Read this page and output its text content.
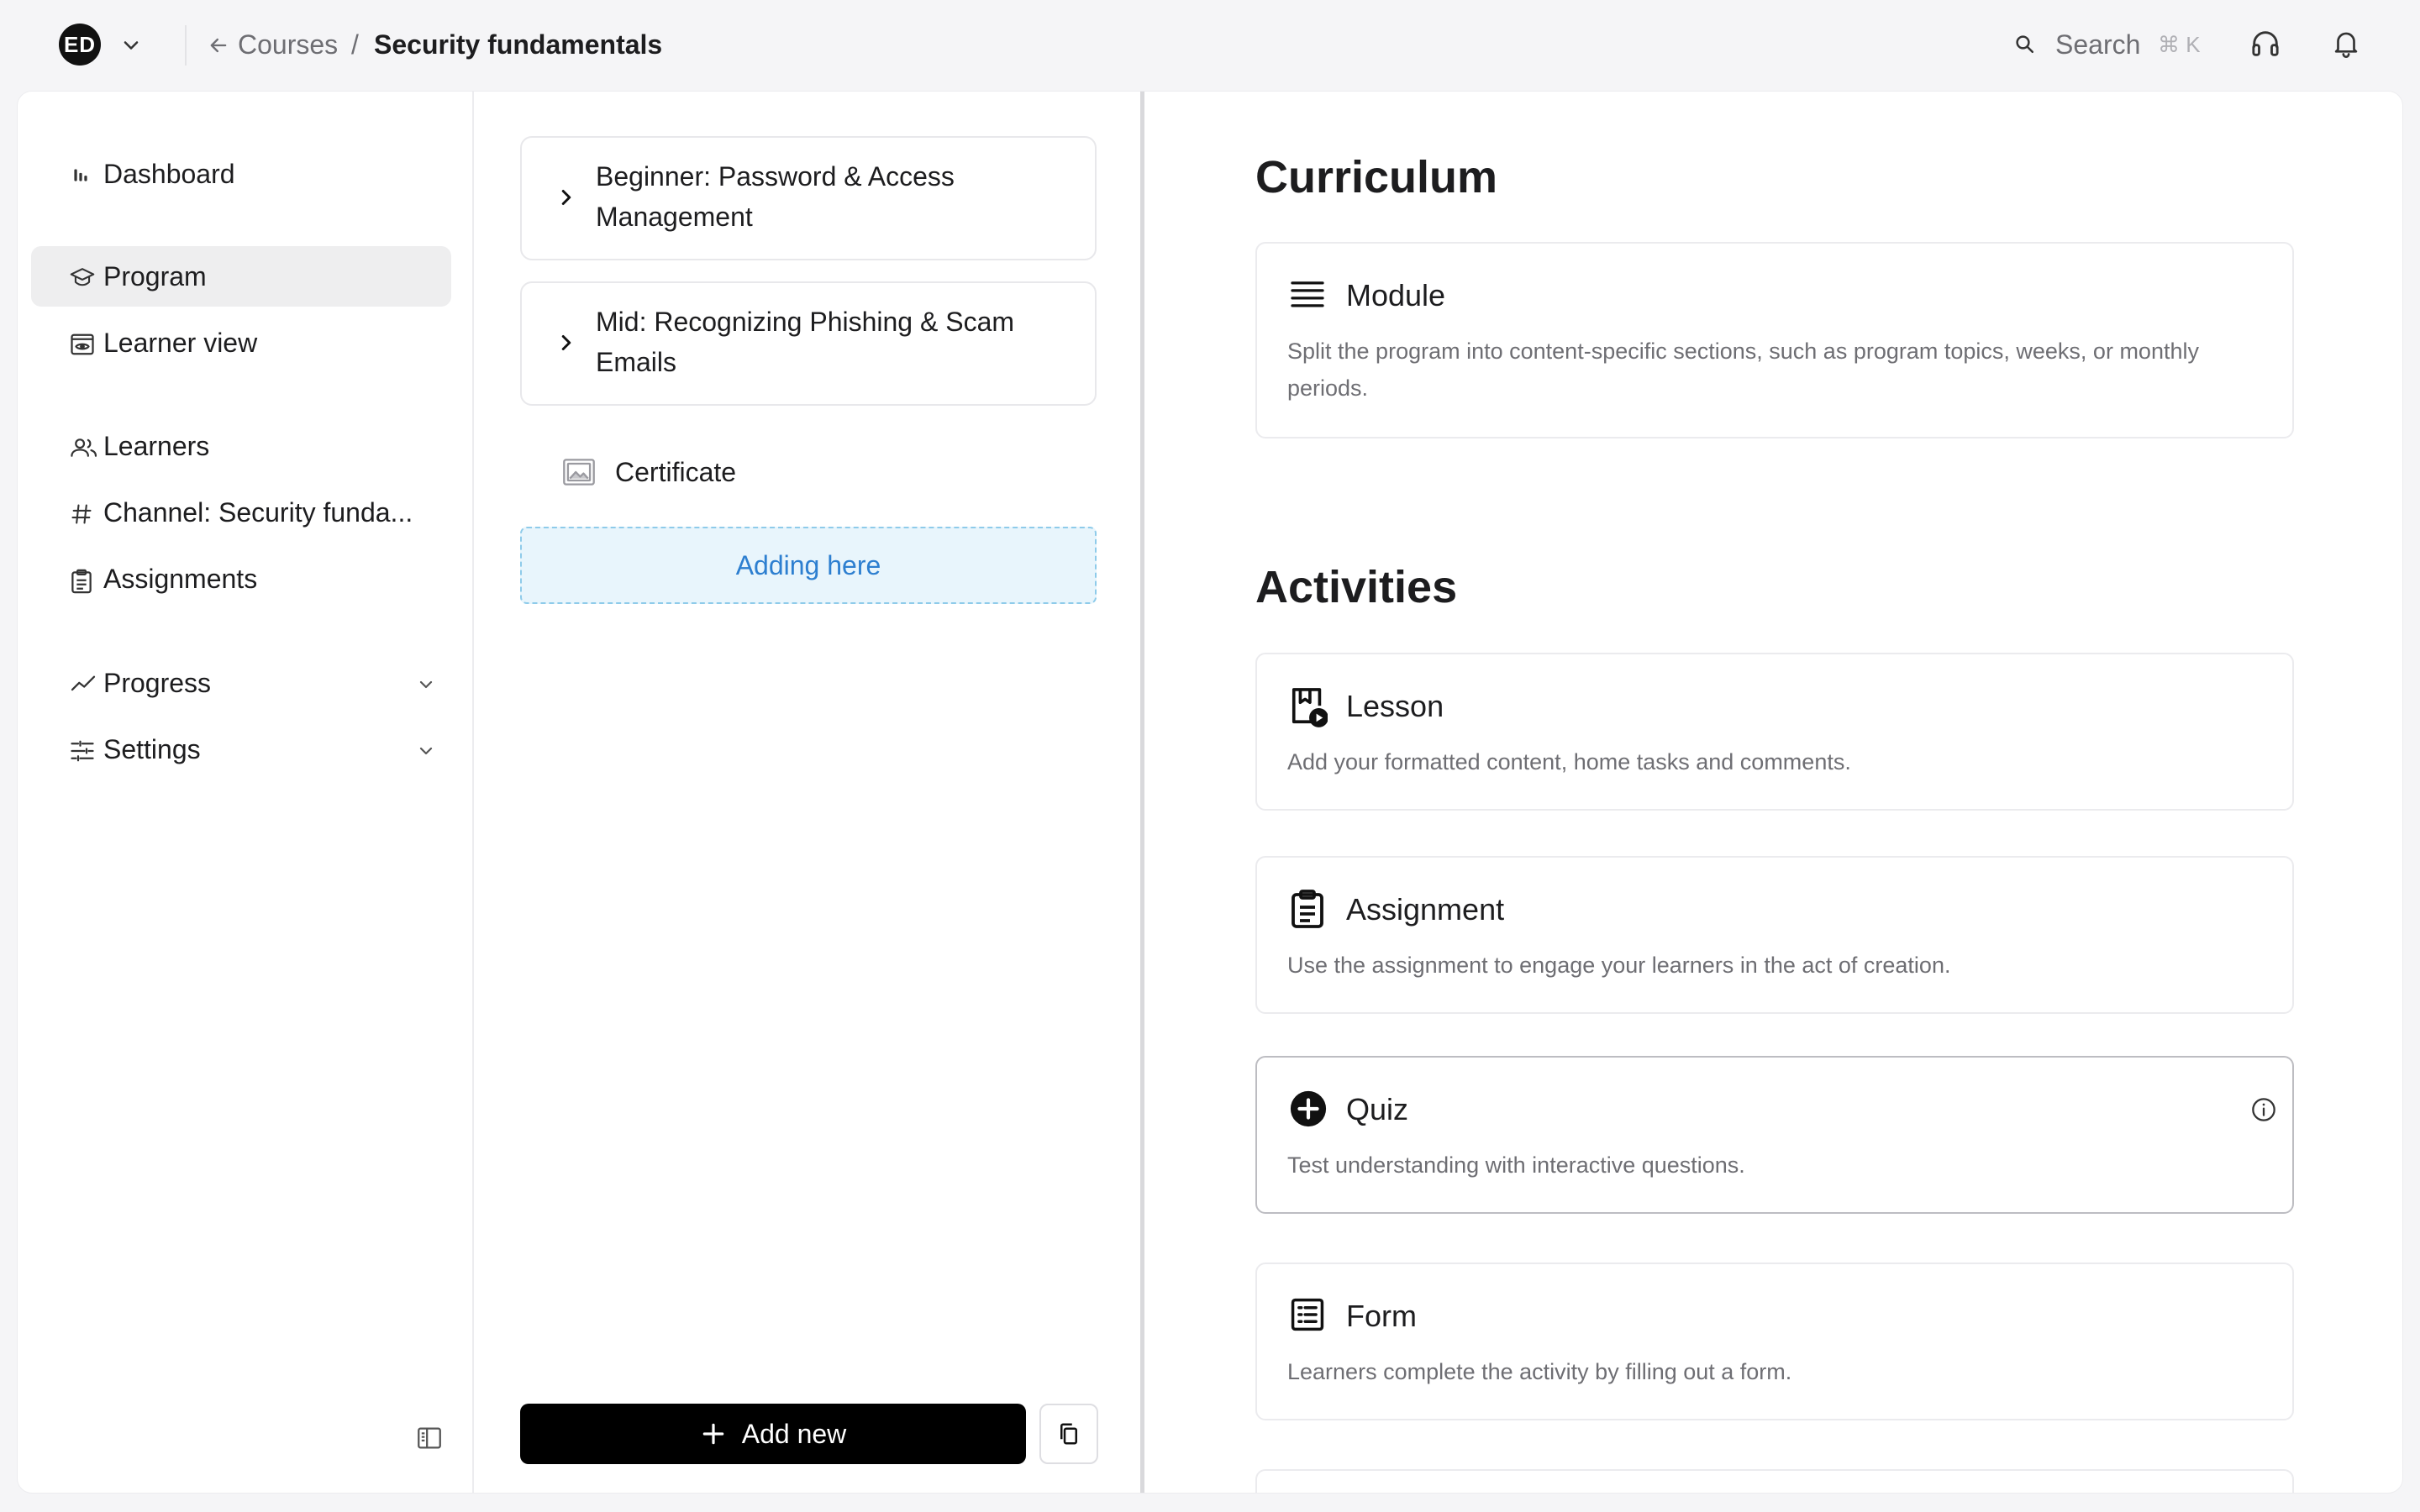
ED	Courses / Security fundamentals	Search ⌘ K
Dashboard
Program
Learner view
Learners
Channel: Security funda...
Assignments
Progress
Settings
Beginner: Password & Access Management
Mid: Recognizing Phishing & Scam Emails
Certificate
Adding here
Add new
Curriculum
Module

Split the program into content-specific sections, such as program topics, weeks, or monthly periods.

Activities
Lesson

Add your formatted content, home tasks and comments.

Assignment

Use the assignment to engage your learners in the act of creation.

Quiz

Test understanding with interactive questions.

Form

Learners complete the activity by filling out a form.
